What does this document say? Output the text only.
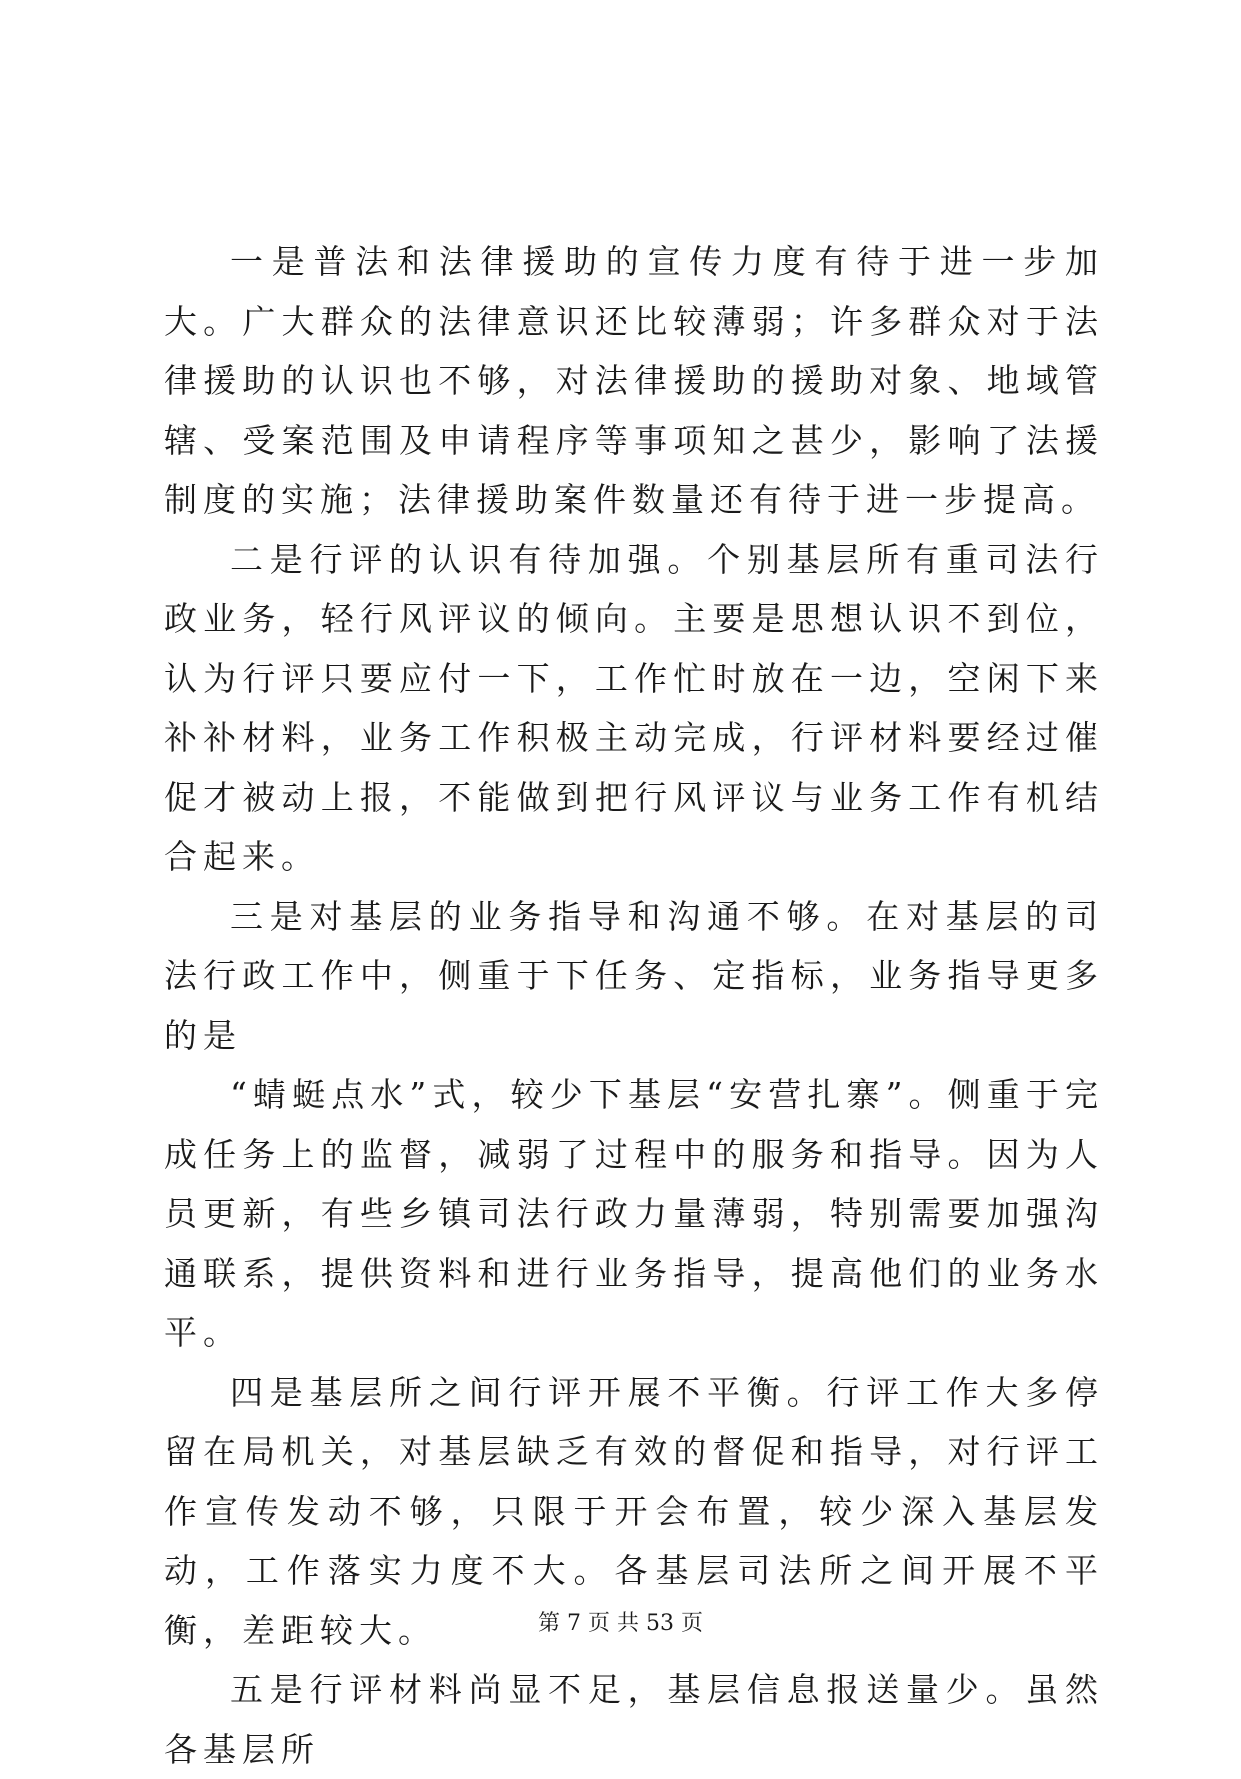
一是普法和法律援助的宣传力度有待于进一步加大。广大群众的法律意识还比较薄弱；许多群众对于法律援助的认识也不够，对法律援助的援助对象、地域管辖、受案范围及申请程序等事项知之甚少，影响了法援制度的实施；法律援助案件数量还有待于进一步提高。

二是行评的认识有待加强。个别基层所有重司法行政业务，轻行风评议的倾向。主要是思想认识不到位，认为行评只要应付一下，工作忙时放在一边，空闲下来补补材料，业务工作积极主动完成，行评材料要经过催促才被动上报，不能做到把行风评议与业务工作有机结合起来。

三是对基层的业务指导和沟通不够。在对基层的司法行政工作中，侧重于下任务、定指标，业务指导更多的是

“蜻蜓点水”式，较少下基层“安营扎寨”。侧重于完成任务上的监督，减弱了过程中的服务和指导。因为人员更新，有些乡镇司法行政力量薄弱，特别需要加强沟通联系，提供资料和进行业务指导，提高他们的业务水平。

四是基层所之间行评开展不平衡。行评工作大多停留在局机关，对基层缺乏有效的督促和指导，对行评工作宣传发动不够，只限于开会布置，较少深入基层发动，工作落实力度不大。各基层司法所之间开展不平衡，差距较大。

五是行评材料尚显不足，基层信息报送量少。虽然各基层所

第 7 页 共 53 页
